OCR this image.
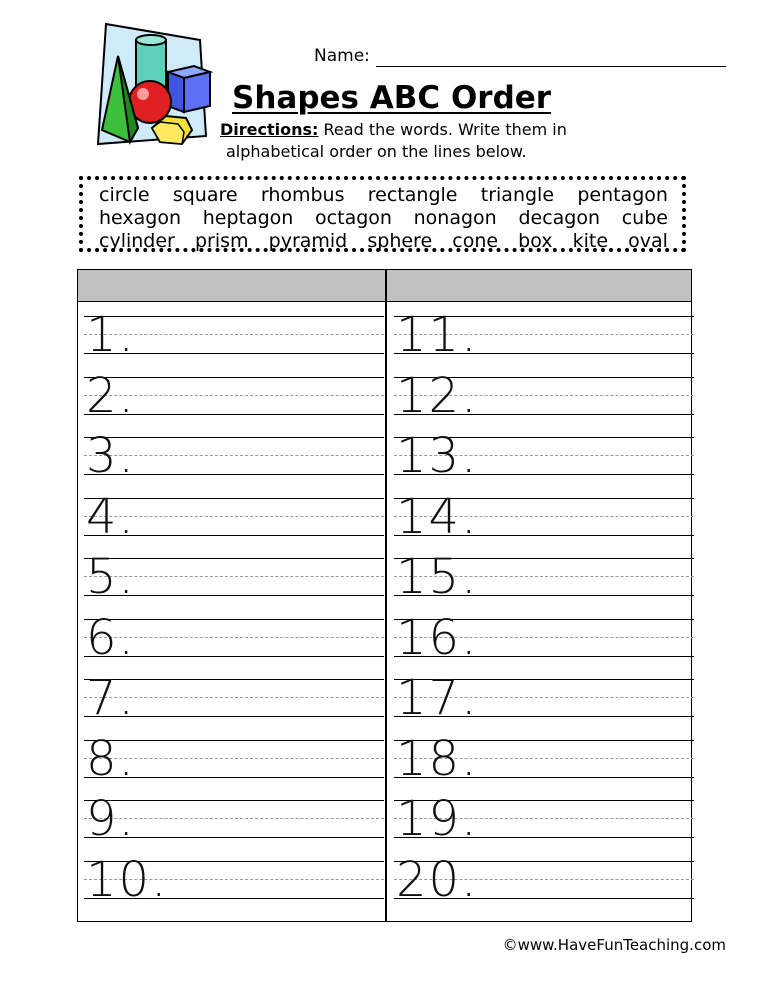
Name:
Shapes ABC Order
Directions: Read the words. Write them in
alphabetical order on the lines below.
circle square rhombus rectangle triangle pentagon
hexagon heptagon octagon nonagon decagon cube
cylinder prism pyramid sphere cone box kite oval
1.
2.
3.
4.
5.
6.
7.
8.
9.
10.
11.
12.
13.
14.
15.
16.
17.
18.
19.
20.
©www.HaveFunTeaching.com
